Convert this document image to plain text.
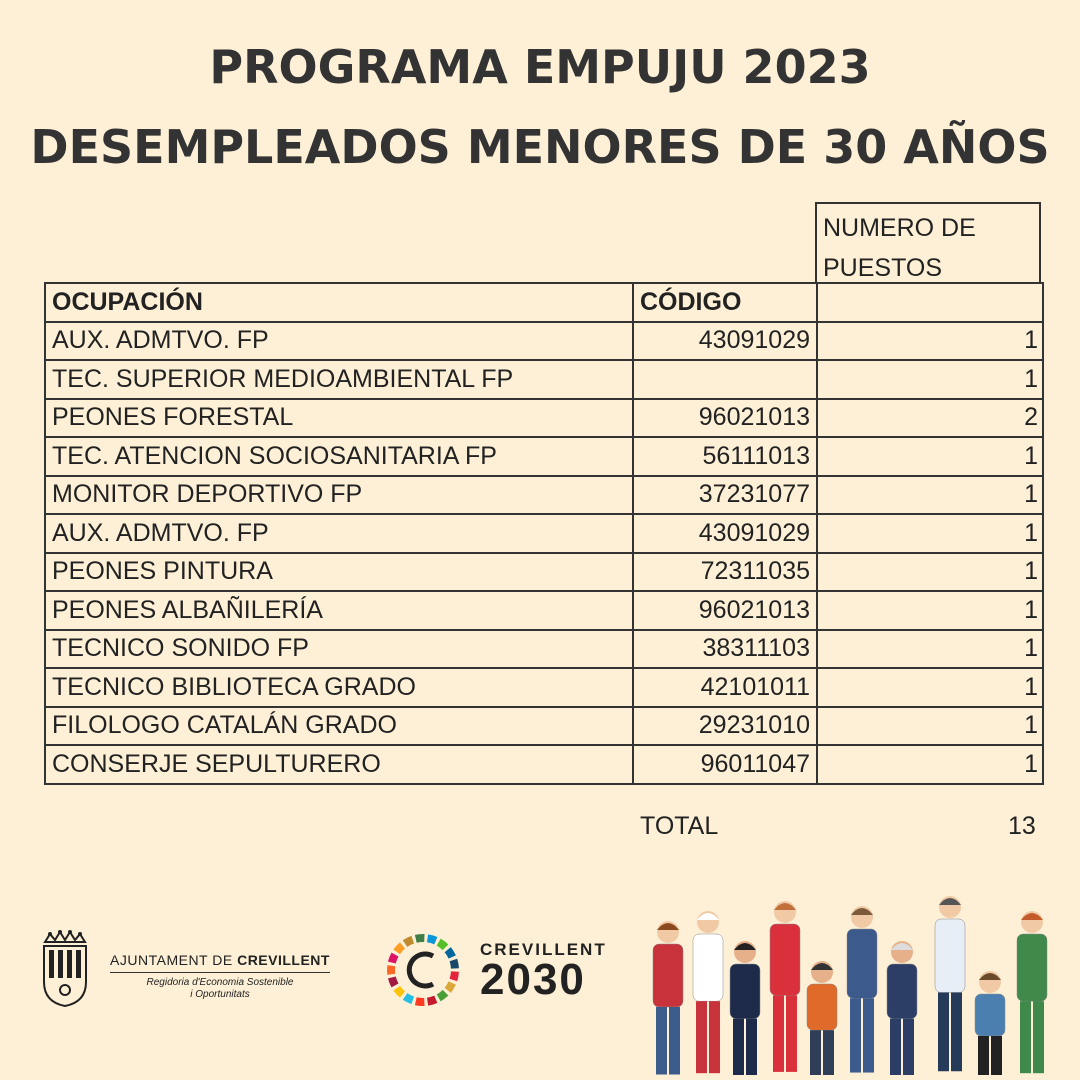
PROGRAMA EMPUJU 2023
DESEMPLEADOS MENORES DE 30 AÑOS
NUMERO DE
PUESTOS
OCUPACIÓN	CÓDIGO	
AUX. ADMTVO. FP	43091029	1
TEC. SUPERIOR MEDIOAMBIENTAL FP		1
PEONES FORESTAL	96021013	2
TEC. ATENCION SOCIOSANITARIA FP	56111013	1
MONITOR DEPORTIVO FP	37231077	1
AUX. ADMTVO. FP	43091029	1
PEONES PINTURA	72311035	1
PEONES ALBAÑILERÍA	96021013	1
TECNICO SONIDO FP	38311103	1
TECNICO BIBLIOTECA GRADO	42101011	1
FILOLOGO CATALÁN GRADO	29231010	1
CONSERJE SEPULTURERO	96011047	1
TOTAL	13
AJUNTAMENT DE CREVILLENT
Regidoria d'Economia Sostenible
i Oportunitats
CREVILLENT
2030
